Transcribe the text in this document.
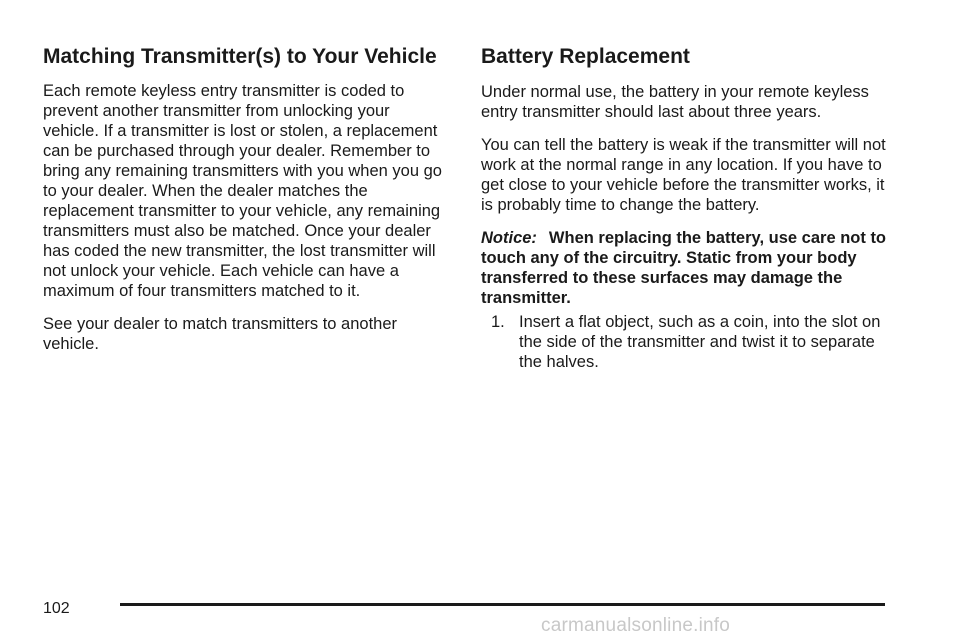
Matching Transmitter(s) to Your Vehicle

Each remote keyless entry transmitter is coded to prevent another transmitter from unlocking your vehicle. If a transmitter is lost or stolen, a replacement can be purchased through your dealer. Remember to bring any remaining transmitters with you when you go to your dealer. When the dealer matches the replacement transmitter to your vehicle, any remaining transmitters must also be matched. Once your dealer has coded the new transmitter, the lost transmitter will not unlock your vehicle. Each vehicle can have a maximum of four transmitters matched to it.

See your dealer to match transmitters to another vehicle.

Battery Replacement

Under normal use, the battery in your remote keyless entry transmitter should last about three years.

You can tell the battery is weak if the transmitter will not work at the normal range in any location. If you have to get close to your vehicle before the transmitter works, it is probably time to change the battery.

Notice: When replacing the battery, use care not to touch any of the circuitry. Static from your body transferred to these surfaces may damage the transmitter.

1. Insert a flat object, such as a coin, into the slot on the side of the transmitter and twist it to separate the halves.
102
carmanualsonline.info
